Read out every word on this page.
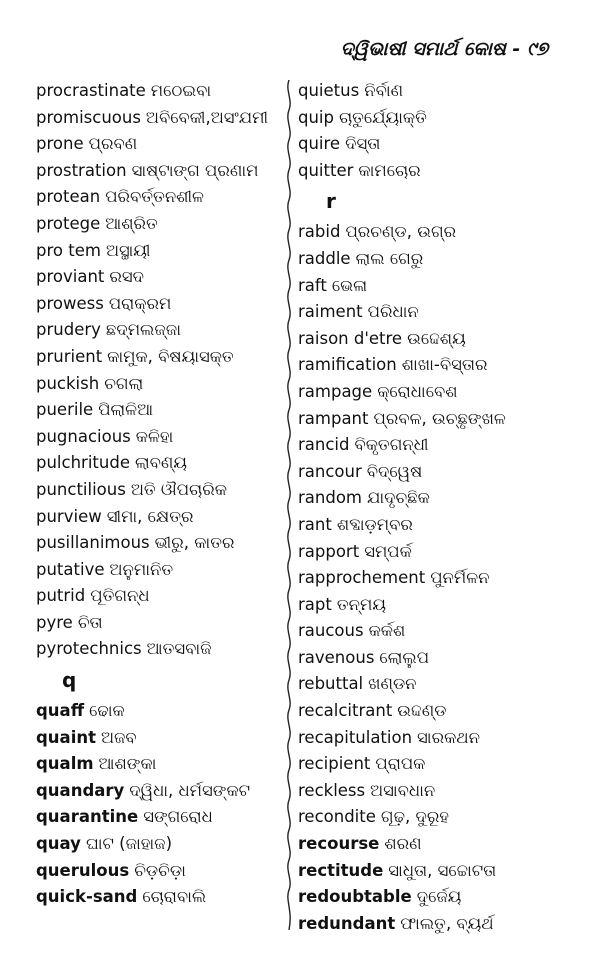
ଦ୍ୱିଭାଷୀ ସମାର୍ଥ କୋଷ - ୯୭
procrastinate ମଠେଇବା
promiscuous ଅବିବେକୀ,ଅସଂଯମୀ
prone ପ୍ରବଣ
prostration ସାଷ୍ଟାଙ୍ଗ ପ୍ରଣାମ
protean ପରିବର୍ତ୍ତନଶୀଳ
protege ଆଶ୍ରିତ
pro tem ଅସ୍ଥାୟୀ
proviant ରସଦ
prowess ପରାକ୍ରମ
prudery ଛଦ୍ମଲଜ୍ଜା
prurient କାମୁକ, ବିଷୟାସକ୍ତ
puckish ଚଗଲା
puerile ପିଲାଳିଆ
pugnacious କଳିହା
pulchritude ଲାବଣ୍ୟ
punctilious ଅତି ଔପଚାରିକ
purview ସୀମା, କ୍ଷେତ୍ର
pusillanimous ଭୀରୁ, କାତର
putative ଅନୁମାନିତ
putrid ପୂତିଗନ୍ଧ
pyre ଚିତା
pyrotechnics ଆତସବାଜି
q
quaff ଢୋକ
quaint ଅଜବ
qualm ଆଶଙ୍କା
quandary ଦ୍ୱିଧା, ଧର୍ମସଙ୍କଟ
quarantine ସଙ୍ଗରୋଧ
quay ଘାଟ (ଜାହାଜ)
querulous ଚିଡ଼ଚିଡ଼ା
quick-sand ଚୋରାବାଲି
quietus ନିର୍ବାଣ
quip ଚାତୁର୍ଯ୍ୟୋକ୍ତି
quire ଦିସ୍ତା
quitter କାମଚୋର
r
rabid ପ୍ରଚଣ୍ଡ, ଉଗ୍ର
raddle ଲାଲ ଗେରୁ
raft ଭେଳା
raiment ପରିଧାନ
raison d'etre ଉଦ୍ଦେଶ୍ୟ
ramification ଶାଖା-ବିସ୍ତାର
rampage କ୍ରୋଧାବେଶ
rampant ପ୍ରବଳ, ଉଚ୍ଛୃଙ୍ଖଳ
rancid ବିକୃତଗନ୍ଧୀ
rancour ବିଦ୍ୱେଷ
random ଯାଦୃଚ୍ଛିକ
rant ଶବ୍ଦାଡ଼ମ୍ବର
rapport ସମ୍ପର୍କ
rapprochement ପୁନର୍ମିଳନ
rapt ତନ୍ମୟ
raucous କର୍କଶ
ravenous ଲୋଲୁପ
rebuttal ଖଣ୍ଡନ
recalcitrant ଉଦ୍ଦଣ୍ଡ
recapitulation ସାରକଥନ
recipient ପ୍ରାପକ
reckless ଅସାବଧାନ
recondite ଗୂଢ଼, ଦୁରୂହ
recourse ଶରଣ
rectitude ସାଧୁତା, ସଚ୍ଚୋଟତା
redoubtable ଦୁର୍ଜେୟ
redundant ଫାଲତୁ, ବ୍ୟର୍ଥ
